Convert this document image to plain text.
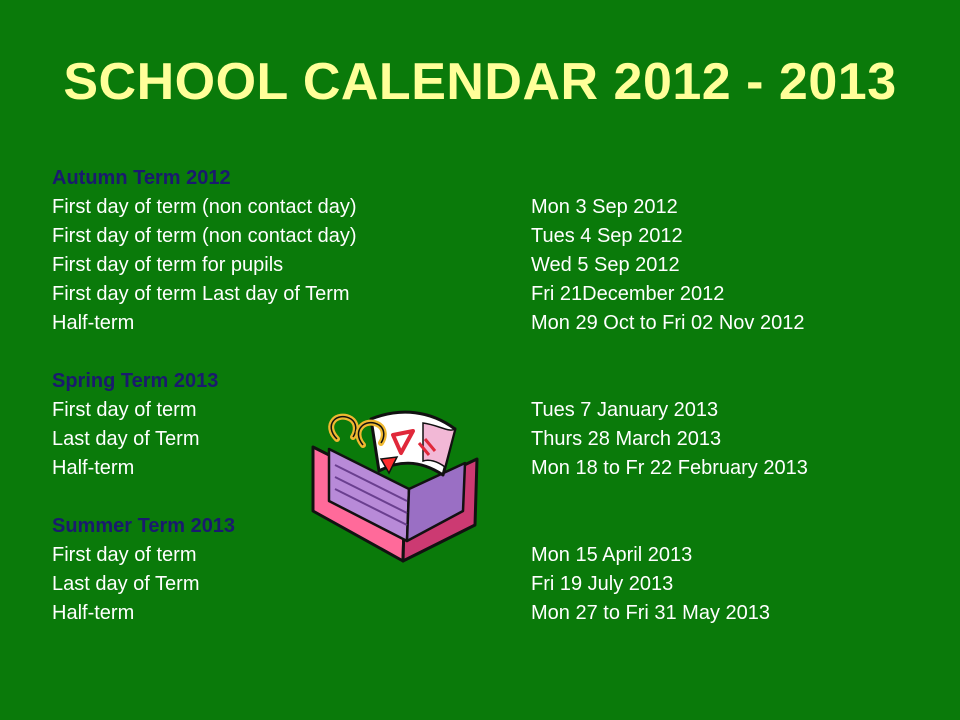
SCHOOL CALENDAR 2012 - 2013
Autumn Term 2012
First day of term (non contact day)	Mon 3 Sep 2012
First day of term (non contact day)	Tues 4 Sep 2012
First day of term for pupils	Wed 5 Sep 2012
First day of term Last day of Term	Fri 21December 2012
Half-term	Mon 29 Oct to Fri 02 Nov 2012
Spring Term 2013
First day of term	Tues 7 January 2013
Last day of Term	Thurs 28 March 2013
Half-term	Mon 18 to Fr 22 February 2013
Summer Term 2013
First day of term	Mon 15 April 2013
Last day of Term	Fri 19 July 2013
Half-term	Mon 27 to Fri 31 May 2013
